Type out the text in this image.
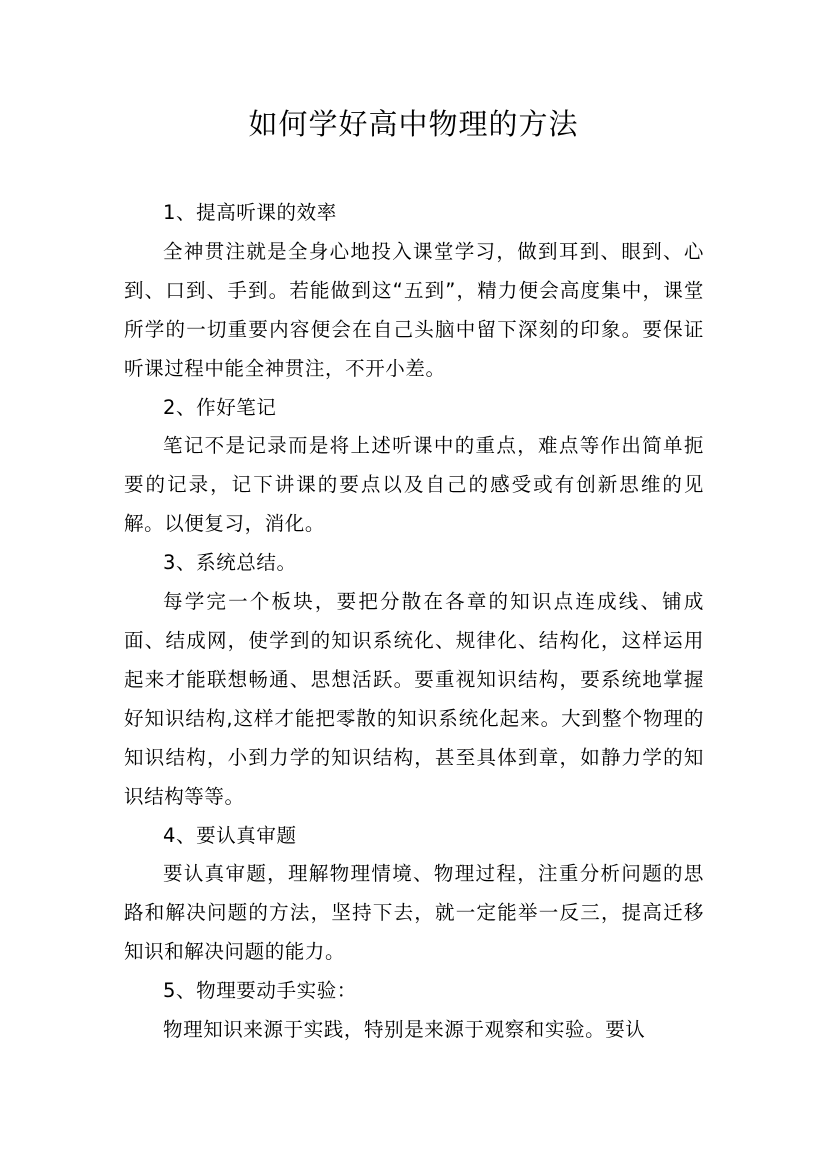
如何学好高中物理的方法

1、提高听课的效率

全神贯注就是全身心地投入课堂学习，做到耳到、眼到、心到、口到、手到。若能做到这“五到”，精力便会高度集中，课堂所学的一切重要内容便会在自己头脑中留下深刻的印象。要保证听课过程中能全神贯注，不开小差。

2、作好笔记

笔记不是记录而是将上述听课中的重点，难点等作出简单扼要的记录，记下讲课的要点以及自己的感受或有创新思维的见解。以便复习，消化。

3、系统总结。

每学完一个板块，要把分散在各章的知识点连成线、铺成面、结成网，使学到的知识系统化、规律化、结构化，这样运用起来才能联想畅通、思想活跃。要重视知识结构，要系统地掌握好知识结构,这样才能把零散的知识系统化起来。大到整个物理的知识结构，小到力学的知识结构，甚至具体到章，如静力学的知识结构等等。

4、要认真审题

要认真审题，理解物理情境、物理过程，注重分析问题的思路和解决问题的方法，坚持下去，就一定能举一反三，提高迁移知识和解决问题的能力。

5、物理要动手实验：

物理知识来源于实践，特别是来源于观察和实验。要认
